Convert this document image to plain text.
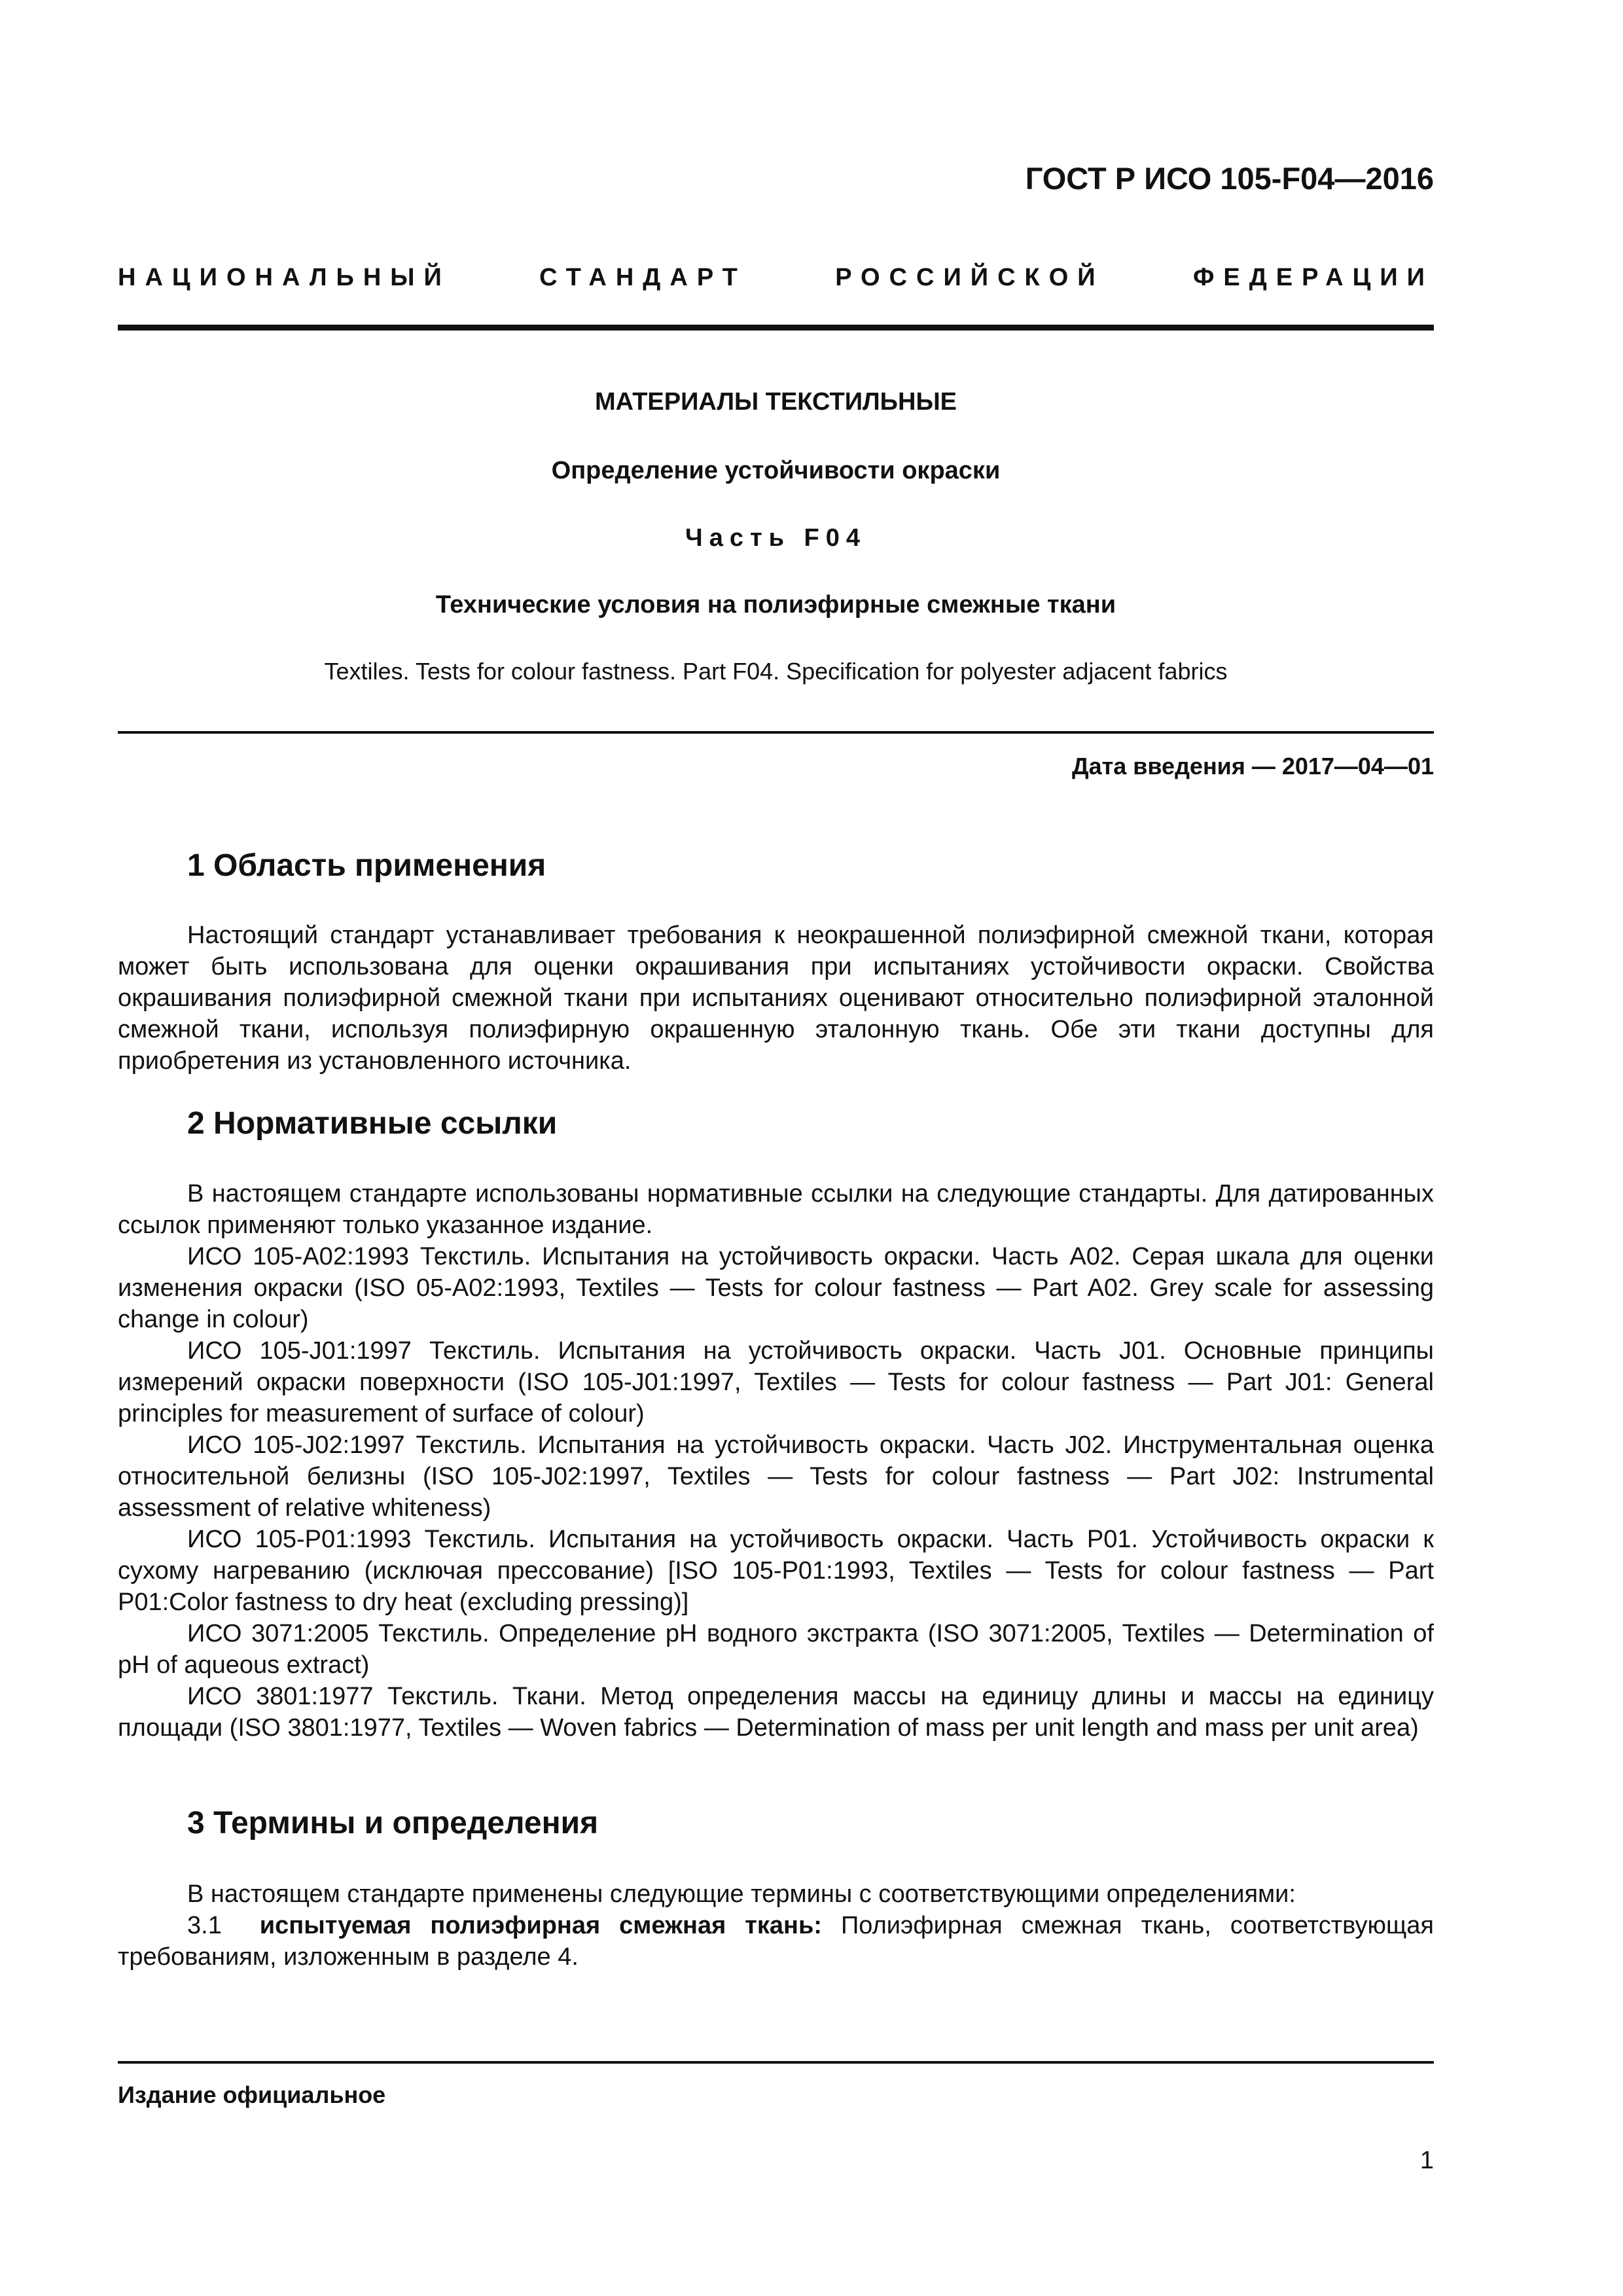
ГОСТ Р ИСО 105-F04—2016
НАЦИОНАЛЬНЫЙ	СТАНДАРТ	РОССИЙСКОЙ	ФЕДЕРАЦИИ
МАТЕРИАЛЫ ТЕКСТИЛЬНЫЕ
Определение устойчивости окраски
Часть F04
Технические условия на полиэфирные смежные ткани
Textiles. Tests for colour fastness. Part F04. Specification for polyester adjacent fabrics
Дата введения — 2017—04—01
1 Область применения

Настоящий стандарт устанавливает требования к неокрашенной полиэфирной смежной ткани, которая может быть использована для оценки окрашивания при испытаниях устойчивости окраски. Свойства окрашивания полиэфирной смежной ткани при испытаниях оценивают относительно полиэфирной эталонной смежной ткани, используя полиэфирную окрашенную эталонную ткань. Обе эти ткани доступны для приобретения из установленного источника.

2 Нормативные ссылки

В настоящем стандарте использованы нормативные ссылки на следующие стандарты. Для датированных ссылок применяют только указанное издание.

ИСО 105-A02:1993 Текстиль. Испытания на устойчивость окраски. Часть A02. Серая шкала для оценки изменения окраски (ISO 05-A02:1993, Textiles — Tests for colour fastness — Part A02. Grey scale for assessing change in colour)

ИСО 105-J01:1997 Текстиль. Испытания на устойчивость окраски. Часть J01. Основные принципы измерений окраски поверхности (ISO 105-J01:1997, Textiles — Tests for colour fastness — Part J01: General principles for measurement of surface of colour)

ИСО 105-J02:1997 Текстиль. Испытания на устойчивость окраски. Часть J02. Инструментальная оценка относительной белизны (ISO 105-J02:1997, Textiles — Tests for colour fastness — Part J02: Instrumental assessment of relative whiteness)

ИСО 105-P01:1993 Текстиль. Испытания на устойчивость окраски. Часть P01. Устойчивость окраски к сухому нагреванию (исключая прессование) [ISO 105-P01:1993, Textiles — Tests for colour fastness — Part P01:Color fastness to dry heat (excluding pressing)]

ИСО 3071:2005 Текстиль. Определение pH водного экстракта (ISO 3071:2005, Textiles — Determination of pH of aqueous extract)

ИСО 3801:1977 Текстиль. Ткани. Метод определения массы на единицу длины и массы на единицу площади (ISO 3801:1977, Textiles — Woven fabrics — Determination of mass per unit length and mass per unit area)

3 Термины и определения

В настоящем стандарте применены следующие термины с соответствующими определениями:

3.1 испытуемая полиэфирная смежная ткань: Полиэфирная смежная ткань, соответствующая требованиям, изложенным в разделе 4.

Издание официальное
1
